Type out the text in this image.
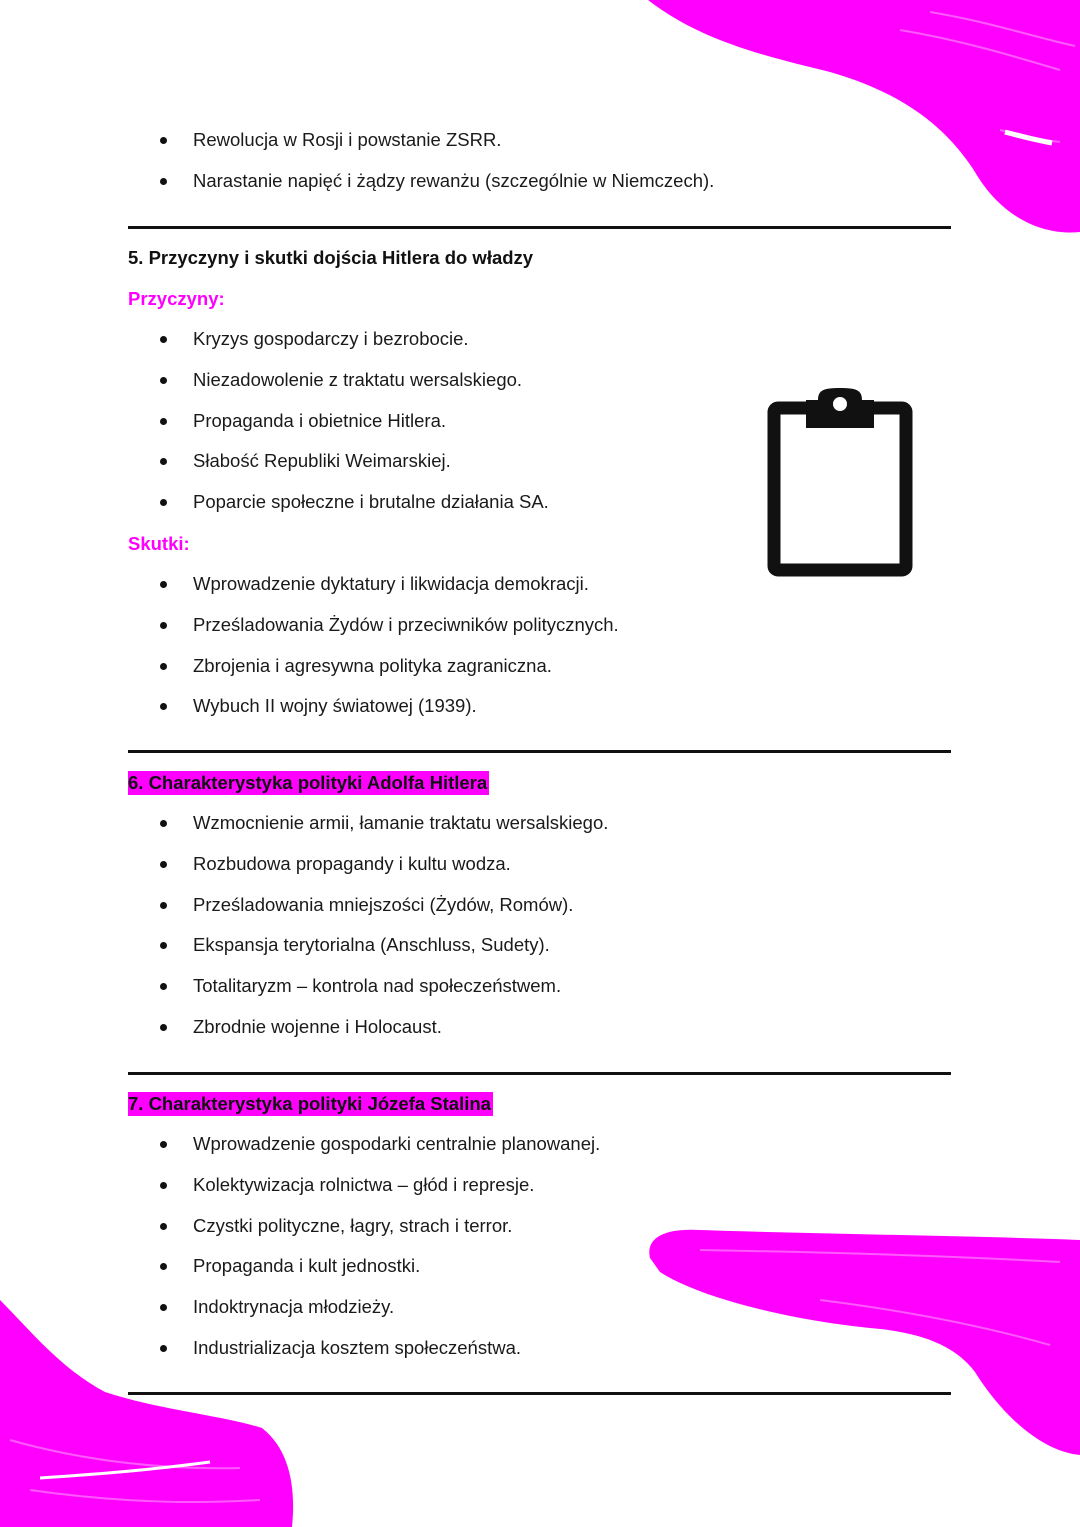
Rewolucja w Rosji i powstanie ZSRR.
Narastanie napięć i żądzy rewanżu (szczególnie w Niemczech).
5. Przyczyny i skutki dojścia Hitlera do władzy
Przyczyny:
Kryzys gospodarczy i bezrobocie.
Niezadowolenie z traktatu wersalskiego.
Propaganda i obietnice Hitlera.
Słabość Republiki Weimarskiej.
Poparcie społeczne i brutalne działania SA.
Skutki:
Wprowadzenie dyktatury i likwidacja demokracji.
Prześladowania Żydów i przeciwników politycznych.
Zbrojenia i agresywna polityka zagraniczna.
Wybuch II wojny światowej (1939).
6. Charakterystyka polityki Adolfa Hitlera
Wzmocnienie armii, łamanie traktatu wersalskiego.
Rozbudowa propagandy i kultu wodza.
Prześladowania mniejszości (Żydów, Romów).
Ekspansja terytorialna (Anschluss, Sudety).
Totalitaryzm – kontrola nad społeczeństwem.
Zbrodnie wojenne i Holocaust.
7. Charakterystyka polityki Józefa Stalina
Wprowadzenie gospodarki centralnie planowanej.
Kolektywizacja rolnictwa – głód i represje.
Czystki polityczne, łagry, strach i terror.
Propaganda i kult jednostki.
Indoktrynacja młodzieży.
Industrializacja kosztem społeczeństwa.
